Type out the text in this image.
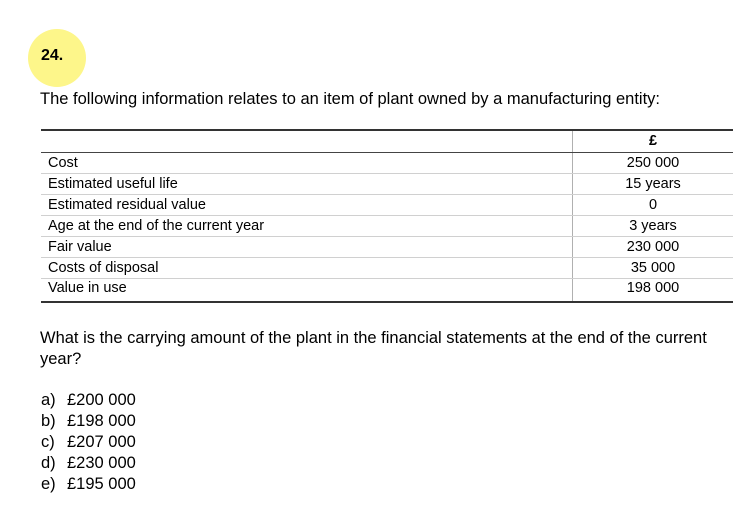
24.
The following information relates to an item of plant owned by a manufacturing entity:
	£
Cost	250 000
Estimated useful life	15 years
Estimated residual value	0
Age at the end of the current year	3 years
Fair value	230 000
Costs of disposal	35 000
Value in use	198 000
What is the carrying amount of the plant in the financial statements at the end of the current year?
a) £200 000
b) £198 000
c) £207 000
d) £230 000
e) £195 000
